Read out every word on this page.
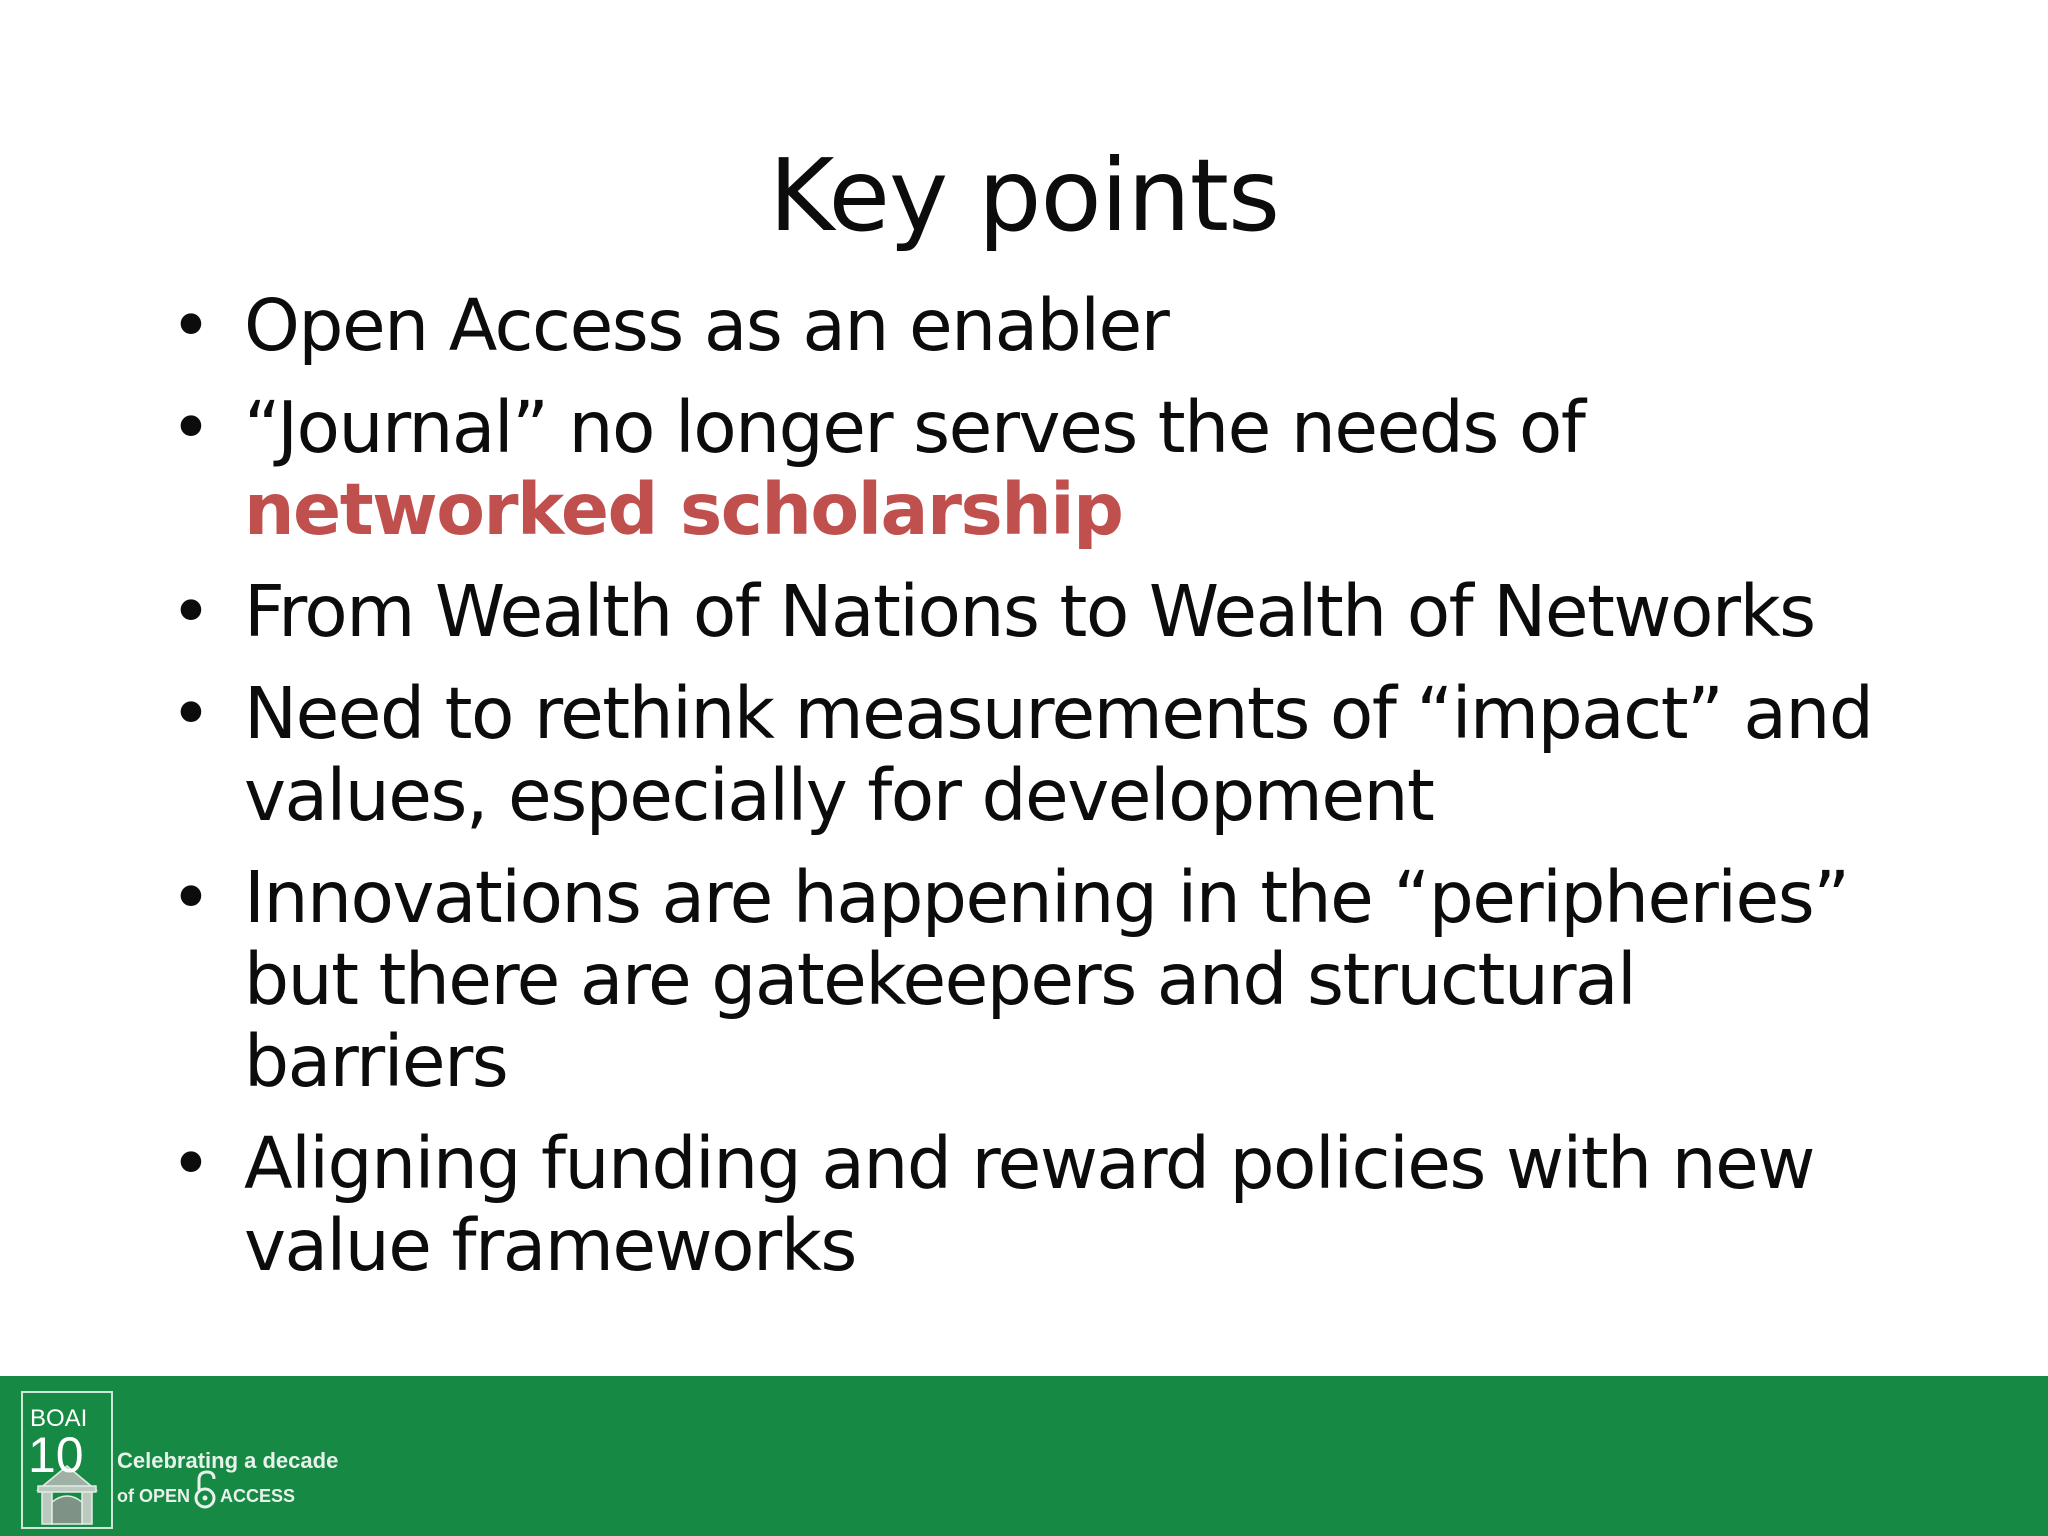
Key points
• Open Access as an enabler
• “Journal” no longer serves the needs of
networked scholarship
• From Wealth of Nations to Wealth of Networks
• Need to rethink measurements of “impact” and
values, especially for development
• Innovations are happening in the “peripheries”
but there are gatekeepers and structural
barriers
• Aligning funding and reward policies with new
value frameworks
BOAI
10 Celebrating a decade
of OPEN ACCESS
